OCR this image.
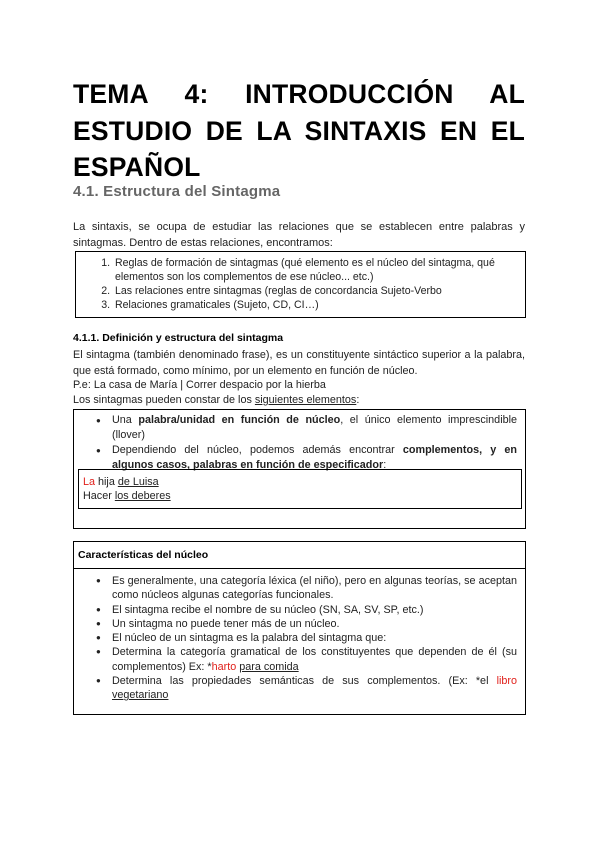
TEMA 4: INTRODUCCIÓN AL ESTUDIO DE LA SINTAXIS EN EL ESPAÑOL
4.1. Estructura del Sintagma

La sintaxis, se ocupa de estudiar las relaciones que se establecen entre palabras y sintagmas. Dentro de estas relaciones, encontramos:

1. Reglas de formación de sintagmas (qué elemento es el núcleo del sintagma, qué elementos son los complementos de ese núcleo... etc.)
2. Las relaciones entre sintagmas (reglas de concordancia Sujeto-Verbo
3. Relaciones gramaticales (Sujeto, CD, CI…)
4.1.1. Definición y estructura del sintagma

El sintagma (también denominado frase), es un constituyente sintáctico superior a la palabra, que está formado, como mínimo, por un elemento en función de núcleo.

P.e: La casa de María | Correr despacio por la hierba
Los sintagmas pueden constar de los siguientes elementos:
● Una palabra/unidad en función de núcleo, el único elemento imprescindible (llover)
● Dependiendo del núcleo, podemos además encontrar complementos, y en algunos casos, palabras en función de especificador:
La hija de Luisa
Hacer los deberes
Características del núcleo
● Es generalmente, una categoría léxica (el niño), pero en algunas teorías, se aceptan como núcleos algunas categorías funcionales.
● El sintagma recibe el nombre de su núcleo (SN, SA, SV, SP, etc.)
● Un sintagma no puede tener más de un núcleo.
● El núcleo de un sintagma es la palabra del sintagma que:
● Determina la categoría gramatical de los constituyentes que dependen de él (su complementos) Ex: *harto para comida
● Determina las propiedades semánticas de sus complementos. (Ex: *el libro vegetariano
